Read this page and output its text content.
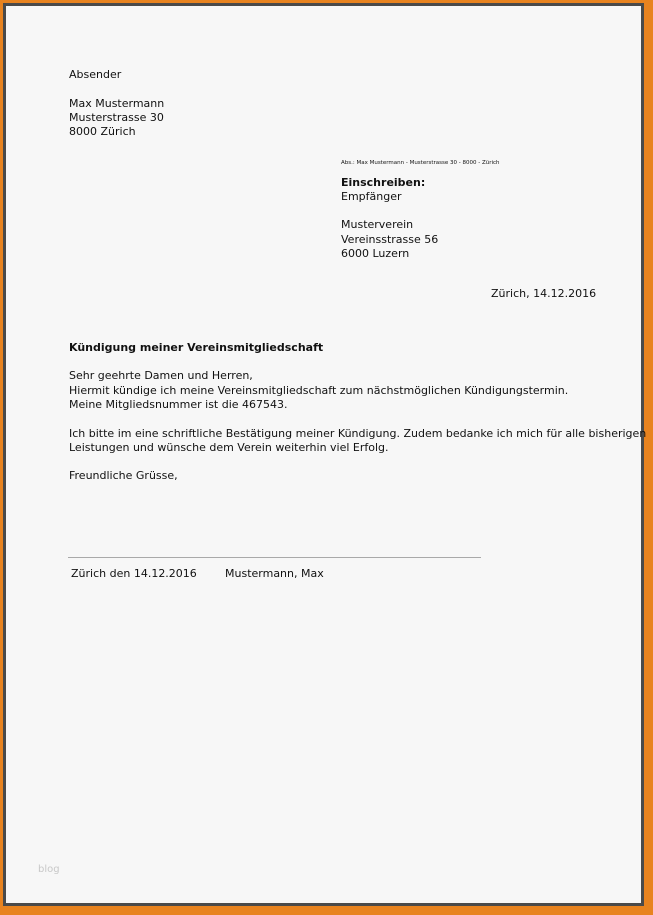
Absender
Max Mustermann
Musterstrasse 30
8000 Zürich
Abs.: Max Mustermann - Musterstrasse 30 - 8000 - Zürich
Einschreiben:
Empfänger
Musterverein
Vereinsstrasse 56
6000 Luzern
Zürich, 14.12.2016
Kündigung meiner Vereinsmitgliedschaft
Sehr geehrte Damen und Herren,
Hiermit kündige ich meine Vereinsmitgliedschaft zum nächstmöglichen Kündigungstermin.
Meine Mitgliedsnummer ist die 467543.
Ich bitte im eine schriftliche Bestätigung meiner Kündigung. Zudem bedanke ich mich für alle bisherigen
Leistungen und wünsche dem Verein weiterhin viel Erfolg.
Freundliche Grüsse,
Zürich den 14.12.2016	Mustermann, Max
blog
